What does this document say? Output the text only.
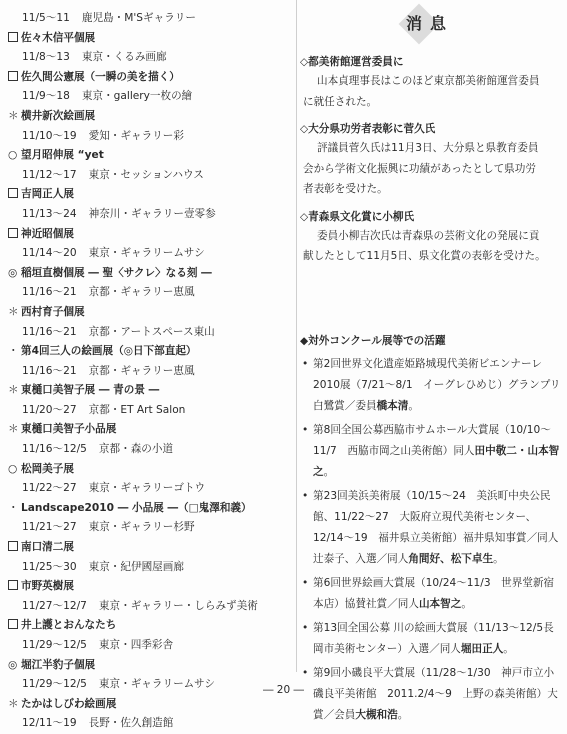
11/5～11 鹿児島・M'Sギャラリー
佐々木信平個展
11/8～13 東京・くるみ画廊
佐久間公憲展（一瞬の美を描く）
11/9～18 東京・gallery一枚の繪
＊ 横井新次絵画展
11/10～19 愛知・ギャラリー彩
○ 望月昭伸展 “yet
11/12～17 東京・セッションハウス
吉岡正人展
11/13～24 神奈川・ギャラリー壹零参
神近昭個展
11/14～20 東京・ギャラリームサシ
◎ 稲垣直樹個展 ― 聖〈サクレ〉なる刻 ―
11/16～21 京都・ギャラリー恵風
＊ 西村育子個展
11/16～21 京都・アートスペース東山
・ 第4回三人の絵画展（◎日下部直起）
11/16～21 京都・ギャラリー恵風
＊ 東樋口美智子展 ― 青の景 ―
11/20～27 京都・ET Art Salon
＊ 東樋口美智子小品展
11/16～12/5 京都・森の小道
○ 松岡美子展
11/22～27 東京・ギャラリーゴトウ
・ Landscape2010 ― 小品展 ―（□鬼澤和義）
11/21～27 東京・ギャラリー杉野
南口清二展
11/25～30 東京・紀伊國屋画廊
市野英樹展
11/27～12/7 東京・ギャラリー・しらみず美術
井上護とおんなたち
11/29～12/5 東京・四季彩舎
◎ 堀江半豹子個展
11/29～12/5 東京・ギャラリームサシ
＊ たかはしびわ絵画展
12/11～19 長野・佐久創造館
消息
◇都美術館運営委員に
山本貞理事長はこのほど東京都美術館運営委員
に就任された。
◇大分県功労者表彰に菅久氏
評議員菅久氏は11月3日、大分県と県教育委員
会から学術文化振興に功績があったとして県功労
者表彰を受けた。
◇青森県文化賞に小柳氏
委員小柳吉次氏は青森県の芸術文化の発展に貢
献したとして11月5日、県文化賞の表彰を受けた。
◆対外コンクール展等での活躍
• 第2回世界文化遺産姫路城現代美術ビエンナーレ2010展（7/21～8/1　イーグレひめじ）グランプリ白鷺賞／委員橋本清。
• 第8回全国公募西脇市サムホール大賞展（10/10～11/7　西脇市岡之山美術館）同人田中敬二・山本智之。
• 第23回美浜美術展（10/15～24　美浜町中央公民館、11/22～27　大阪府立現代美術センター、12/14～19　福井県立美術館）福井県知事賞／同人辻泰子、入選／同人角間好、松下卓生。
• 第6回世界絵画大賞展（10/24～11/3　世界堂新宿本店）協賛社賞／同人山本智之。
• 第13回全国公募 川の絵画大賞展（11/13～12/5長岡市美術センター）入選／同人堀田正人。
• 第9回小磯良平大賞展（11/28～1/30　神戸市立小磯良平美術館　2011.2/4～9　上野の森美術館）大賞／会員大槻和浩。
― 20 ―
